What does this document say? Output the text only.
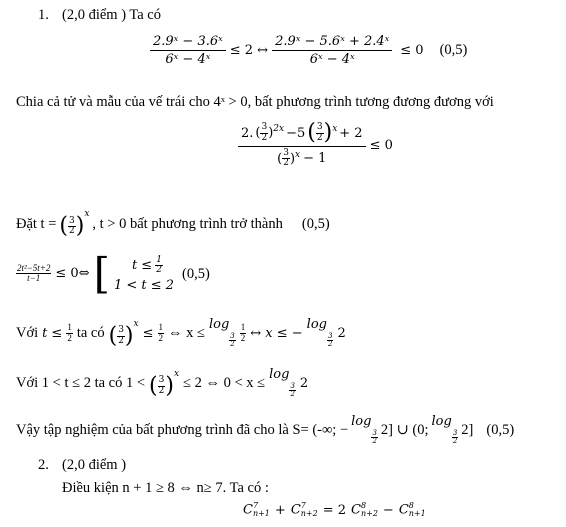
1. (2,0 điểm ) Ta có
$\frac{\text{2.9ˣ − 3.6ˣ}}{\text{6ˣ − 4ˣ}} \le 2$ ↔ $\frac{\text{2.9ˣ − 5.6ˣ + 2.4ˣ}}{\text{6ˣ − 4ˣ}} \le 0$ (0,5)
Chia cả tử và mẫu của vế trái cho 4ˣ > 0, bất phương trình tương đương đương với
$\frac{2. ( \frac{3}{2} )^{2x} -5 ( \frac{3}{2} )^x + 2}{( \frac{3}{2} )^x - 1} \le 0$
Đặt t = ( $\frac{3}{2} )^x$
, t > 0 bất phương trình trở thành (0,5)
$\frac{\text{2t²−5t+2}}{t-1}$ ≤ 0⇔ [ $t \le \frac{1}{2}$
1 < t ≤ 2
(0,5)
Với $t \le \frac{1}{2}$ ta có ( $\frac{3}{2} )^x$
≤ $\frac{1}{2}$ ⇔ x ≤
log
$\frac{3}{2} \frac{1}{2}$ ↔ x ≤ −
log
$\frac{3}{2} 2$
Với 1 < t ≤ 2 ta có 1 < ( $\frac{3}{2} )^x$
≤ 2 ⇔ 0 < x ≤
log
$\frac{3}{2} 2$
Vậy tập nghiệm của bất phương trình đã cho là S= (-∞; −
log
$\frac{3}{2} 2$] ∪ (0;
log
$\frac{3}{2} 2$] (0,5)
2. (2,0 điểm )
Điều kiện n + 1 ≥ 8 ⇔ n≥ 7. Ta có :
C 7
n+1 + C 7
n+2 = 2 C 8
n+2 − C 8
n+1
